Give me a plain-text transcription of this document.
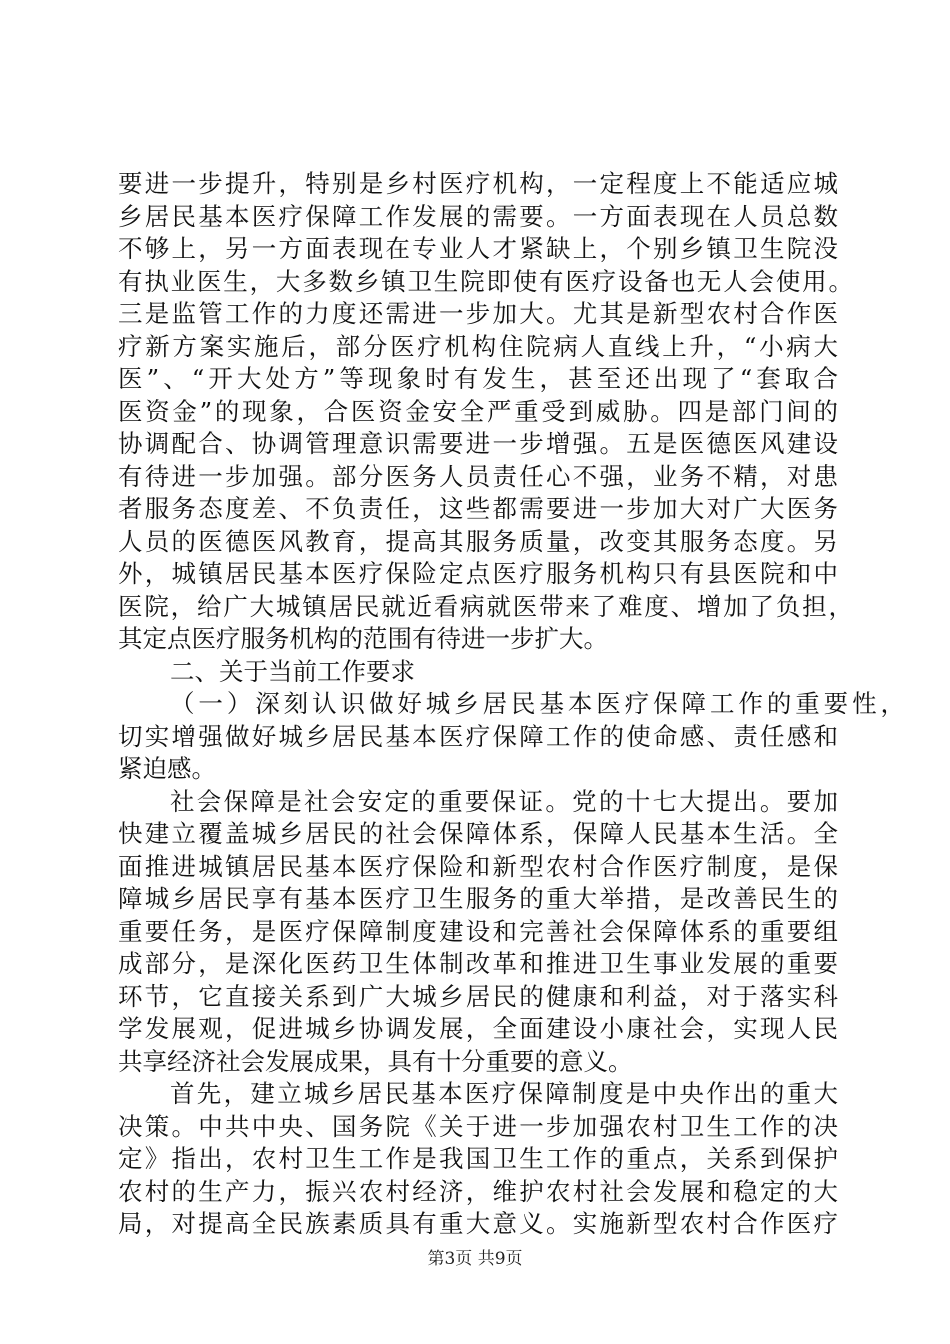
要进一步提升，特别是乡村医疗机构，一定程度上不能适应城
乡居民基本医疗保障工作发展的需要。一方面表现在人员总数
不够上，另一方面表现在专业人才紧缺上，个别乡镇卫生院没
有执业医生，大多数乡镇卫生院即使有医疗设备也无人会使用。
三是监管工作的力度还需进一步加大。尤其是新型农村合作医
疗新方案实施后，部分医疗机构住院病人直线上升，“小病大
医”、“开大处方”等现象时有发生，甚至还出现了“套取合
医资金”的现象，合医资金安全严重受到威胁。四是部门间的
协调配合、协调管理意识需要进一步增强。五是医德医风建设
有待进一步加强。部分医务人员责任心不强，业务不精，对患
者服务态度差、不负责任，这些都需要进一步加大对广大医务
人员的医德医风教育，提高其服务质量，改变其服务态度。另
外，城镇居民基本医疗保险定点医疗服务机构只有县医院和中
医院，给广大城镇居民就近看病就医带来了难度、增加了负担，
其定点医疗服务机构的范围有待进一步扩大。
二、关于当前工作要求
（一）深刻认识做好城乡居民基本医疗保障工作的重要性，
切实增强做好城乡居民基本医疗保障工作的使命感、责任感和
紧迫感。
社会保障是社会安定的重要保证。党的十七大提出。要加
快建立覆盖城乡居民的社会保障体系，保障人民基本生活。全
面推进城镇居民基本医疗保险和新型农村合作医疗制度，是保
障城乡居民享有基本医疗卫生服务的重大举措，是改善民生的
重要任务，是医疗保障制度建设和完善社会保障体系的重要组
成部分，是深化医药卫生体制改革和推进卫生事业发展的重要
环节，它直接关系到广大城乡居民的健康和利益，对于落实科
学发展观，促进城乡协调发展，全面建设小康社会，实现人民
共享经济社会发展成果，具有十分重要的意义。
首先，建立城乡居民基本医疗保障制度是中央作出的重大
决策。中共中央、国务院《关于进一步加强农村卫生工作的决
定》指出，农村卫生工作是我国卫生工作的重点，关系到保护
农村的生产力，振兴农村经济，维护农村社会发展和稳定的大
局，对提高全民族素质具有重大意义。实施新型农村合作医疗
第3页 共9页
